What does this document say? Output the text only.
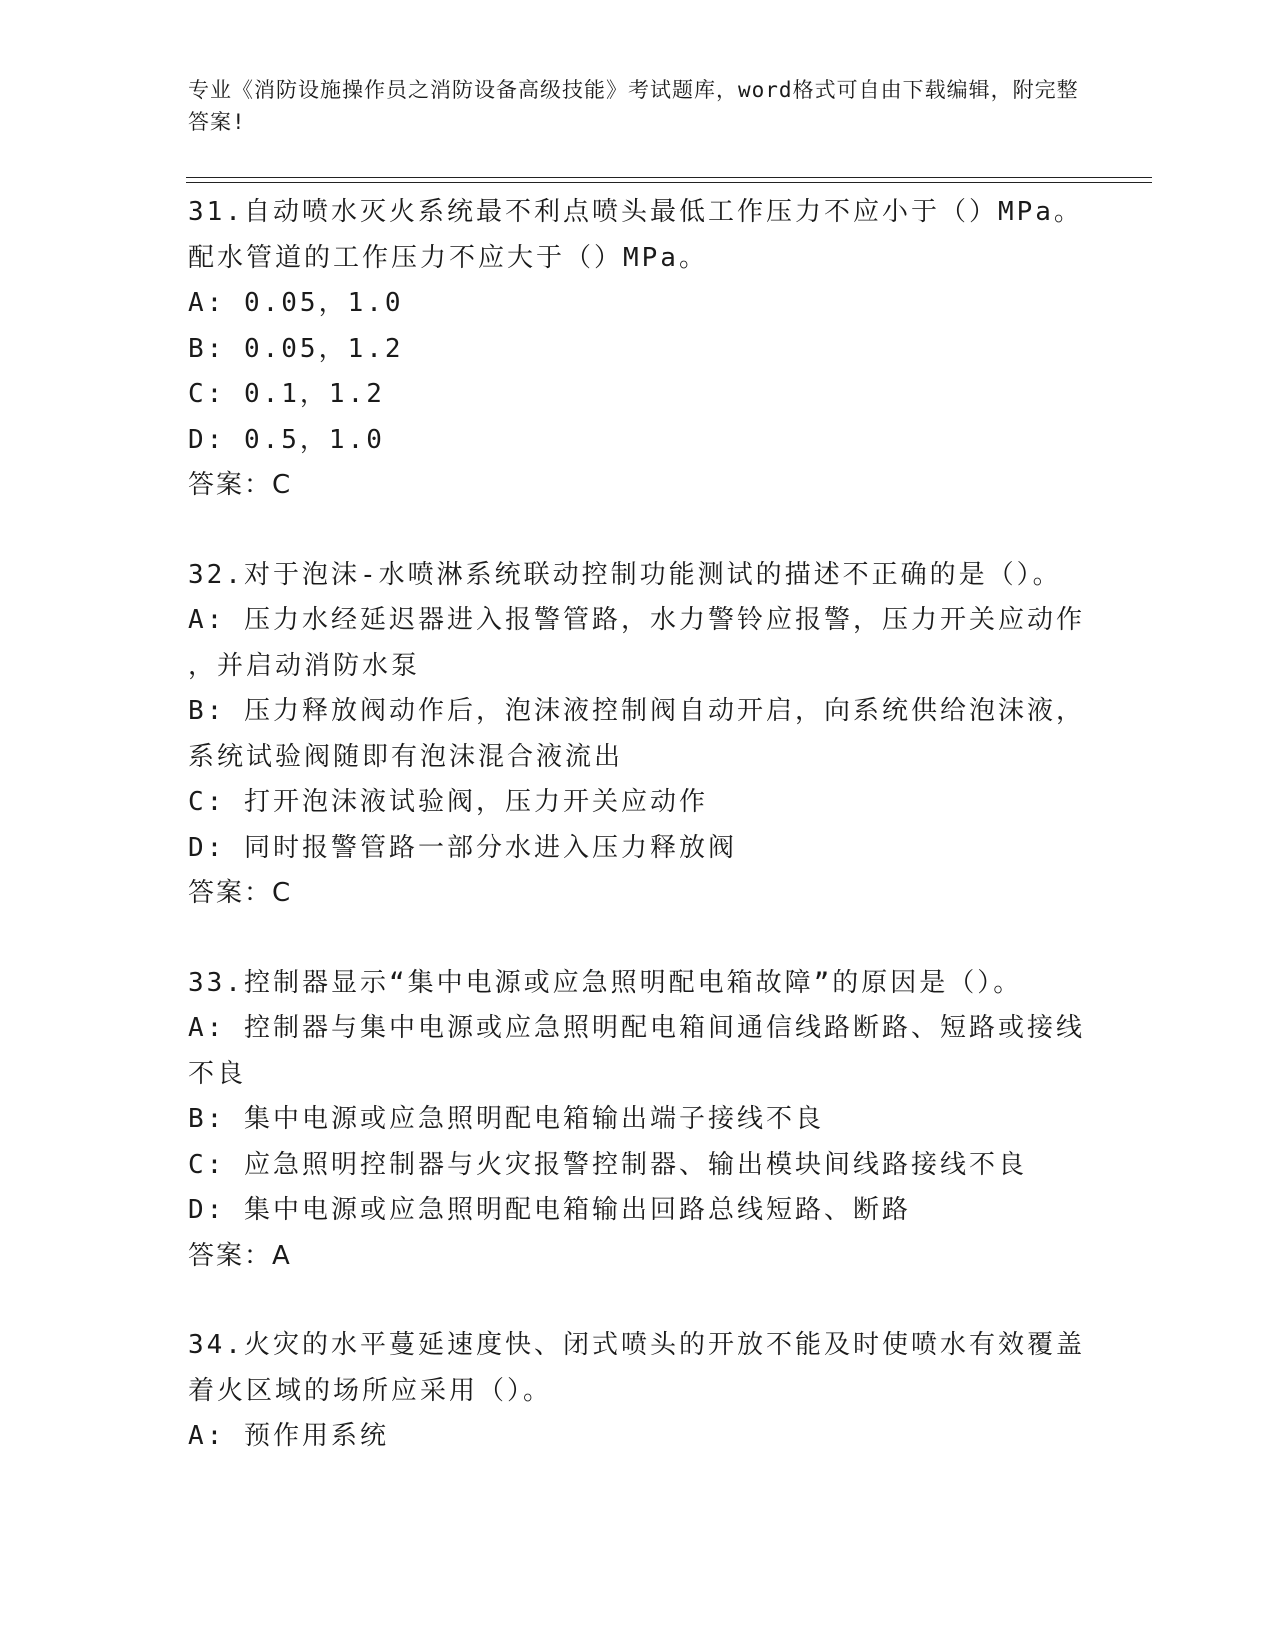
专业《消防设施操作员之消防设备高级技能》考试题库，word格式可自由下载编辑，附完整答案!
31.自动喷水灭火系统最不利点喷头最低工作压力不应小于（）MPa。
配水管道的工作压力不应大于（）MPa。
A: 0.05，1.0
B: 0.05，1.2
C: 0.1，1.2
D: 0.5，1.0
答案：C
32.对于泡沫-水喷淋系统联动控制功能测试的描述不正确的是（）。
A: 压力水经延迟器进入报警管路，水力警铃应报警，压力开关应动作
，并启动消防水泵
B: 压力释放阀动作后，泡沫液控制阀自动开启，向系统供给泡沫液，
系统试验阀随即有泡沫混合液流出
C: 打开泡沫液试验阀，压力开关应动作
D: 同时报警管路一部分水进入压力释放阀
答案：C
33.控制器显示“集中电源或应急照明配电箱故障”的原因是（）。
A: 控制器与集中电源或应急照明配电箱间通信线路断路、短路或接线
不良
B: 集中电源或应急照明配电箱输出端子接线不良
C: 应急照明控制器与火灾报警控制器、输出模块间线路接线不良
D: 集中电源或应急照明配电箱输出回路总线短路、断路
答案：A
34.火灾的水平蔓延速度快、闭式喷头的开放不能及时使喷水有效覆盖
着火区域的场所应采用（）。
A: 预作用系统
